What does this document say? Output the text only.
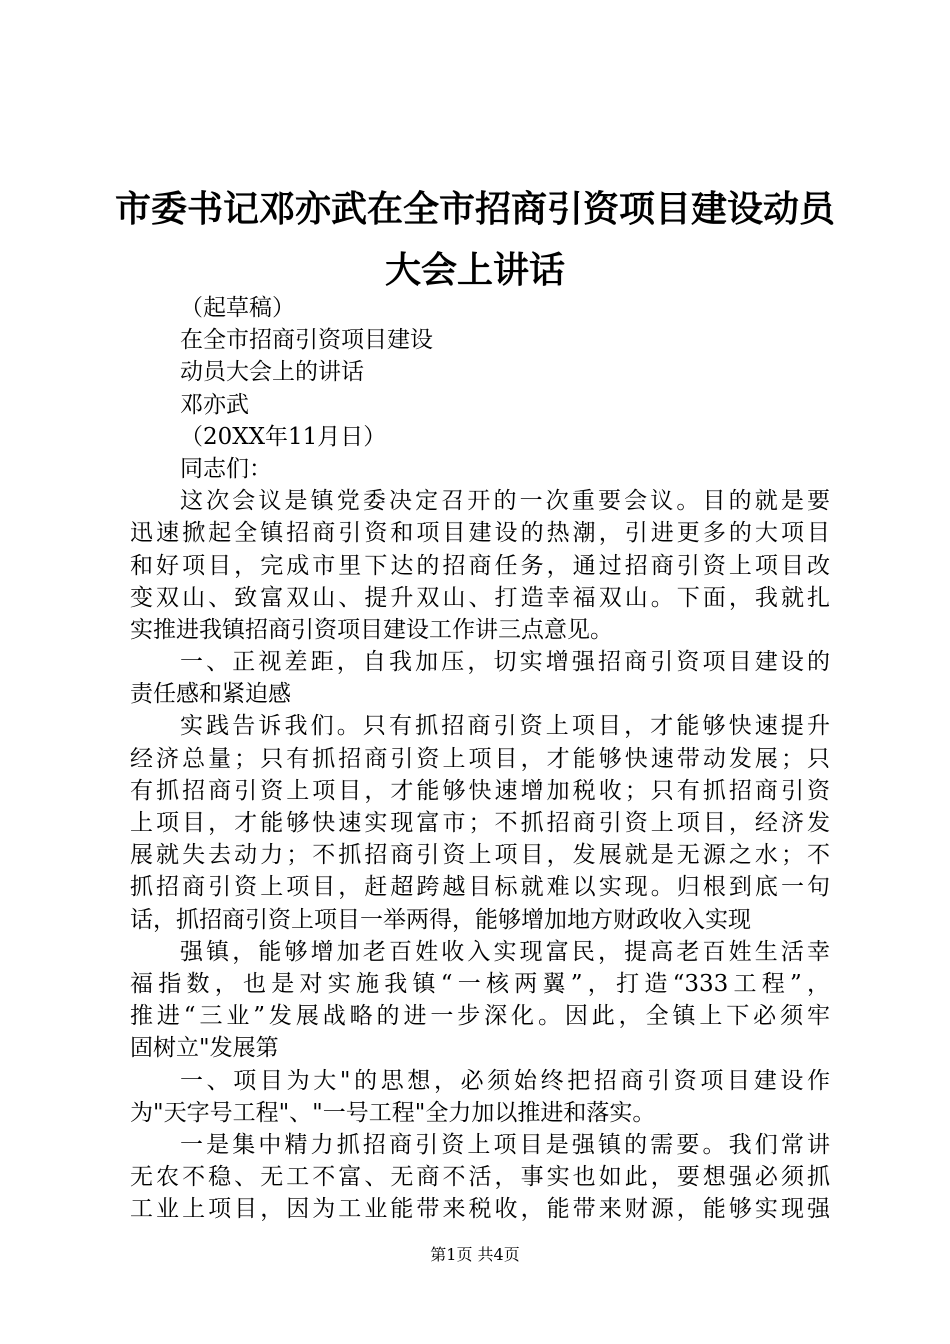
市委书记邓亦武在全市招商引资项目建设动员
大会上讲话
（起草稿）
在全市招商引资项目建设
动员大会上的讲话
邓亦武
（20XX年11月日）
同志们：
这次会议是镇党委决定召开的一次重要会议。目的就是要
迅速掀起全镇招商引资和项目建设的热潮，引进更多的大项目
和好项目，完成市里下达的招商任务，通过招商引资上项目改
变双山、致富双山、提升双山、打造幸福双山。下面，我就扎
实推进我镇招商引资项目建设工作讲三点意见。
一、正视差距，自我加压，切实增强招商引资项目建设的
责任感和紧迫感
实践告诉我们。只有抓招商引资上项目，才能够快速提升
经济总量；只有抓招商引资上项目，才能够快速带动发展；只
有抓招商引资上项目，才能够快速增加税收；只有抓招商引资
上项目，才能够快速实现富市；不抓招商引资上项目，经济发
展就失去动力；不抓招商引资上项目，发展就是无源之水；不
抓招商引资上项目，赶超跨越目标就难以实现。归根到底一句
话，抓招商引资上项目一举两得，能够增加地方财政收入实现
强镇，能够增加老百姓收入实现富民，提高老百姓生活幸
福指数，也是对实施我镇“一核两翼”，打造“333工程”，
推进“三业”发展战略的进一步深化。因此，全镇上下必须牢
固树立"发展第
一、项目为大"的思想，必须始终把招商引资项目建设作
为"天字号工程"、"一号工程"全力加以推进和落实。
一是集中精力抓招商引资上项目是强镇的需要。我们常讲
无农不稳、无工不富、无商不活，事实也如此，要想强必须抓
工业上项目，因为工业能带来税收，能带来财源，能够实现强
第1页 共4页
